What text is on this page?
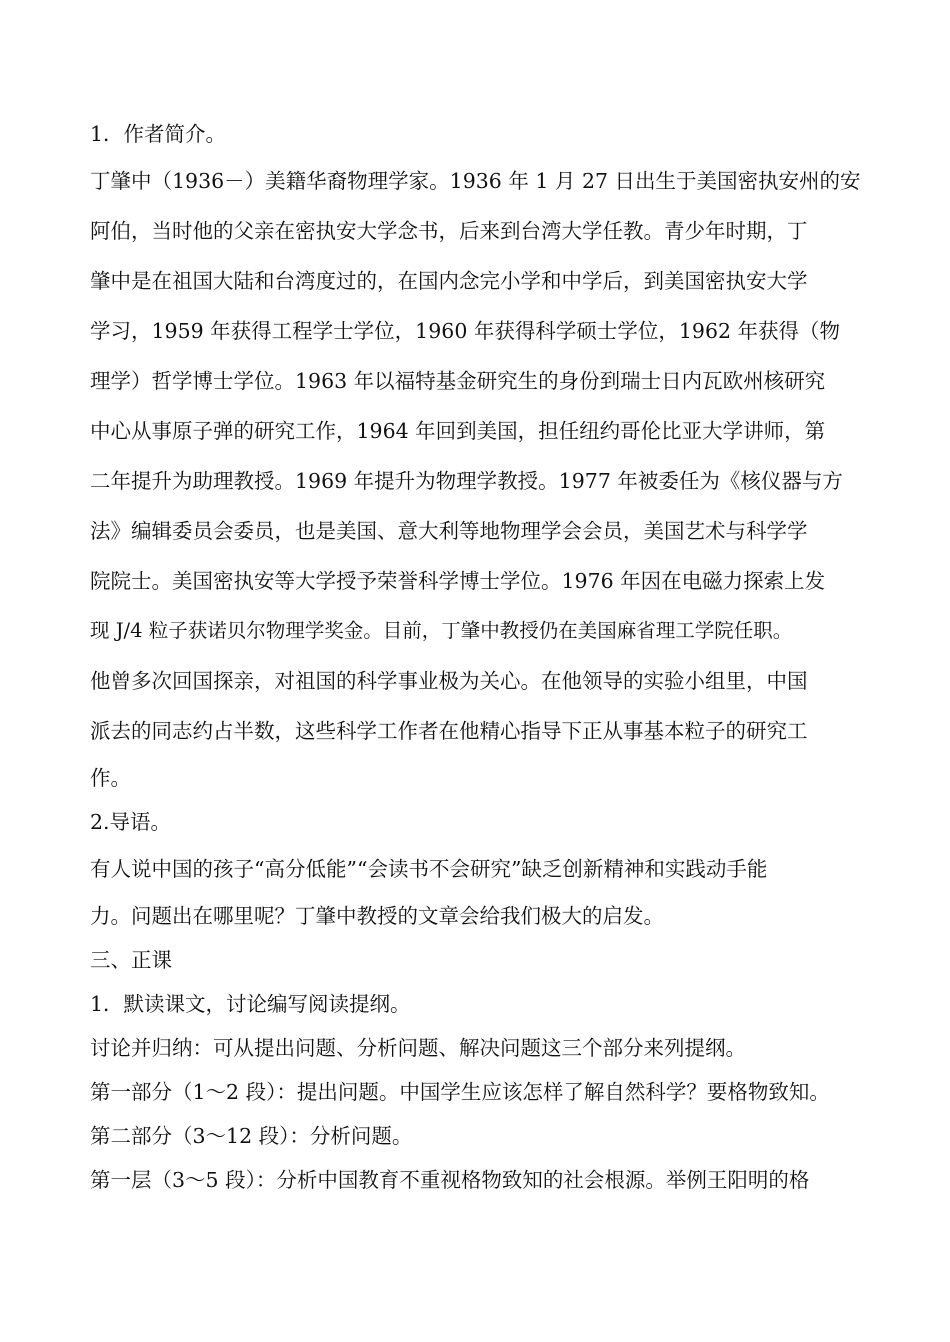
1．作者简介。

丁肇中（1936－）美籍华裔物理学家。1936 年 1 月 27 日出生于美国密执安州的安

阿伯，当时他的父亲在密执安大学念书，后来到台湾大学任教。青少年时期，丁

肇中是在祖国大陆和台湾度过的，在国内念完小学和中学后，到美国密执安大学

学习，1959 年获得工程学士学位，1960 年获得科学硕士学位，1962 年获得（物

理学）哲学博士学位。1963 年以福特基金研究生的身份到瑞士日内瓦欧州核研究

中心从事原子弹的研究工作，1964 年回到美国，担任纽约哥伦比亚大学讲师，第

二年提升为助理教授。1969 年提升为物理学教授。1977 年被委任为《核仪器与方

法》编辑委员会委员，也是美国、意大利等地物理学会会员，美国艺术与科学学

院院士。美国密执安等大学授予荣誉科学博士学位。1976 年因在电磁力探索上发

现 J/4 粒子获诺贝尔物理学奖金。目前，丁肇中教授仍在美国麻省理工学院任职。

他曾多次回国探亲，对祖国的科学事业极为关心。在他领导的实验小组里，中国

派去的同志约占半数，这些科学工作者在他精心指导下正从事基本粒子的研究工

作。

2.导语。

有人说中国的孩子“高分低能”“会读书不会研究”缺乏创新精神和实践动手能

力。问题出在哪里呢？丁肇中教授的文章会给我们极大的启发。

三、正课

1．默读课文，讨论编写阅读提纲。

讨论并归纳：可从提出问题、分析问题、解决问题这三个部分来列提纲。

第一部分（1～2 段）：提出问题。中国学生应该怎样了解自然科学？要格物致知。

第二部分（3～12 段）：分析问题。

第一层（3～5 段）：分析中国教育不重视格物致知的社会根源。举例王阳明的格
